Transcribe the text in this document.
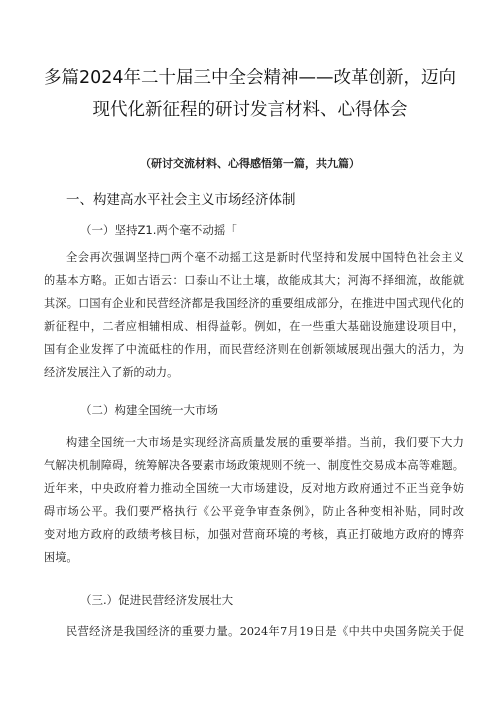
多篇2024年二十届三中全会精神——改革创新，迈向
现代化新征程的研讨发言材料、心得体会
（研讨交流材料、心得感悟第一篇，共九篇）
一、构建高水平社会主义市场经济体制
（一）坚持Z1.两个毫不动摇「
全会再次强调坚持□两个毫不动摇工这是新时代坚持和发展中国特色社会主义
的基本方略。正如古语云：口泰山不让土壤，故能成其大；河海不择细流，故能就
其深。口国有企业和民营经济都是我国经济的重要组成部分，在推进中国式现代化的
新征程中，二者应相辅相成、相得益彰。例如，在一些重大基础设施建设项目中，
国有企业发挥了中流砥柱的作用，而民营经济则在创新领域展现出强大的活力，为
经济发展注入了新的动力。
（二）构建全国统一大市场
构建全国统一大市场是实现经济高质量发展的重要举措。当前，我们要下大力
气解决机制障碍，统筹解决各要素市场政策规则不统一、制度性交易成本高等难题。
近年来，中央政府着力推动全国统一大市场建设，反对地方政府通过不正当竞争妨
碍市场公平。我们要严格执行《公平竞争审查条例》，防止各种变相补贴，同时改
变对地方政府的政绩考核目标，加强对营商环境的考核，真正打破地方政府的博弈
困境。
（三.）促进民营经济发展壮大
民营经济是我国经济的重要力量。2024年7月19日是《中共中央国务院关于促
